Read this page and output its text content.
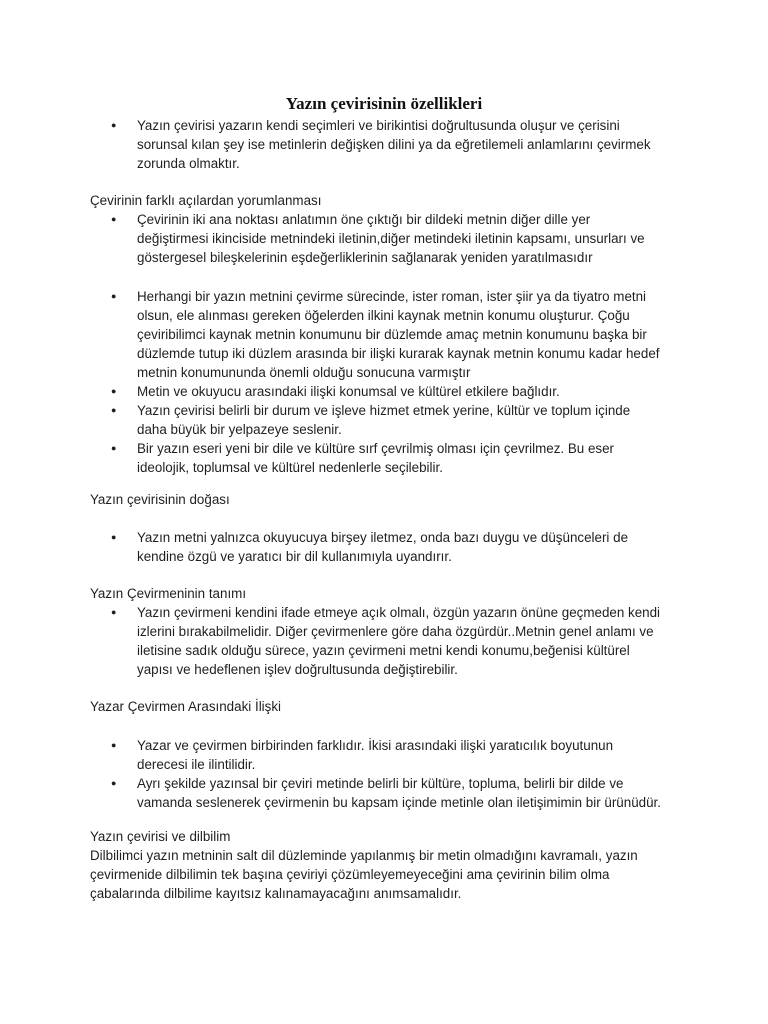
Yazın çevirisinin özellikleri
● Yazın çevirisi yazarın kendi seçimleri ve birikintisi doğrultusunda oluşur ve çerisini
sorunsal kılan şey ise metinlerin değişken dilini ya da eğretilemeli anlamlarını çevirmek
zorunda olmaktır.
Çevirinin farklı açılardan yorumlanması
● Çevirinin iki ana noktası anlatımın öne çıktığı bir dildeki metnin diğer dille yer
değiştirmesi ikinciside metnindeki iletinin,diğer metindeki iletinin kapsamı, unsurları ve
göstergesel bileşkelerinin eşdeğerliklerinin sağlanarak yeniden yaratılmasıdır
● Herhangi bir yazın metnini çevirme sürecinde, ister roman, ister şiir ya da tiyatro metni
olsun, ele alınması gereken öğelerden ilkini kaynak metnin konumu oluşturur. Çoğu
çeviribilimci kaynak metnin konumunu bir düzlemde amaç metnin konumunu başka bir
düzlemde tutup iki düzlem arasında bir ilişki kurarak kaynak metnin konumu kadar hedef
metnin konumununda önemli olduğu sonucuna varmıştır
● Metin ve okuyucu arasındaki ilişki konumsal ve kültürel etkilere bağlıdır.
● Yazın çevirisi belirli bir durum ve işleve hizmet etmek yerine, kültür ve toplum içinde
daha büyük bir yelpazeye seslenir.
● Bir yazın eseri yeni bir dile ve kültüre sırf çevrilmiş olması için çevrilmez. Bu eser
ideolojik, toplumsal ve kültürel nedenlerle seçilebilir.
Yazın çevirisinin doğası
● Yazın metni yalnızca okuyucuya birşey iletmez, onda bazı duygu ve düşünceleri de
kendine özgü ve yaratıcı bir dil kullanımıyla uyandırır.
Yazın Çevirmeninin tanımı
● Yazın çevirmeni kendini ifade etmeye açık olmalı, özgün yazarın önüne geçmeden kendi
izlerini bırakabilmelidir. Diğer çevirmenlere göre daha özgürdür..Metnin genel anlamı ve
iletisine sadık olduğu sürece, yazın çevirmeni metni kendi konumu,beğenisi kültürel
yapısı ve hedeflenen işlev doğrultusunda değiştirebilir.
Yazar Çevirmen Arasındaki İlişki
● Yazar ve çevirmen birbirinden farklıdır. İkisi arasındaki ilişki yaratıcılık boyutunun
derecesi ile ilintilidir.
● Ayrı şekilde yazınsal bir çeviri metinde belirli bir kültüre, topluma, belirli bir dilde ve
vamanda seslenerek çevirmenin bu kapsam içinde metinle olan iletişimimin bir ürünüdür.
Yazın çevirisi ve dilbilim
Dilbilimci yazın metninin salt dil düzleminde yapılanmış bir metin olmadığını kavramalı, yazın
çevirmenide dilbilimin tek başına çeviriyi çözümleyemeyeceğini ama çevirinin bilim olma
çabalarında dilbilime kayıtsız kalınamayacağını anımsamalıdır.
